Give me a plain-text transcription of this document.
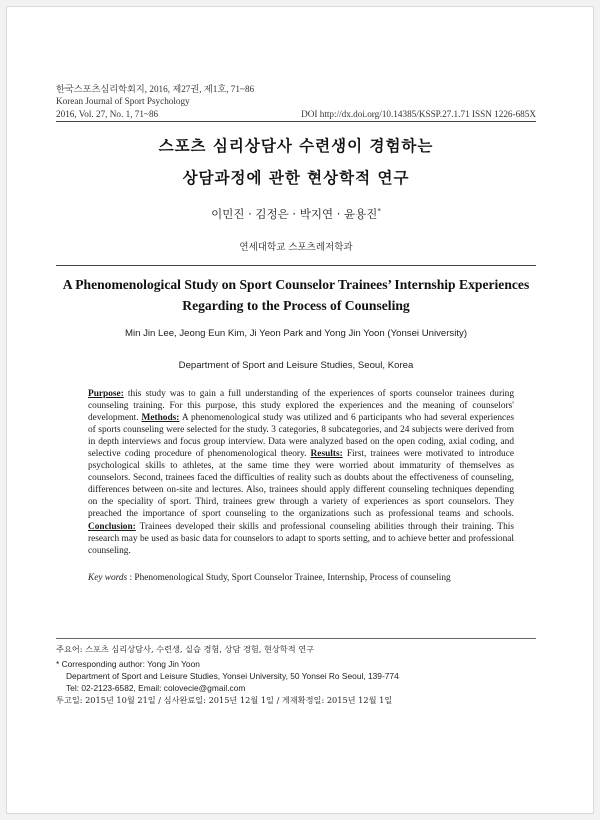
한국스포츠심리학회지, 2016, 제27권, 제1호, 71~86
Korean Journal of Sport Psychology
2016, Vol. 27, No. 1, 71~86	DOI http://dx.doi.org/10.14385/KSSP.27.1.71 ISSN 1226-685X
스포츠 심리상담사 수련생이 경험하는
상담과정에 관한 현상학적 연구
이민진 · 김정은 · 박지연 · 윤용진*
연세대학교 스포츠레저학과
A Phenomenological Study on Sport Counselor Trainees’ Internship Experiences
Regarding to the Process of Counseling
Min Jin Lee, Jeong Eun Kim, Ji Yeon Park and Yong Jin Yoon (Yonsei University)
Department of Sport and Leisure Studies, Seoul, Korea
Purpose: this study was to gain a full understanding of the experiences of sports counselor trainees during counseling training. For this purpose, this study explored the experiences and the meaning of counselors' development. Methods: A phenomenological study was utilized and 6 participants who had several experiences of sports counseling were selected for the study. 3 categories, 8 subcategories, and 24 subjects were derived from in depth interviews and focus group interview. Data were analyzed based on the open coding, axial coding, and selective coding procedure of phenomenological theory. Results: First, trainees were motivated to introduce psychological skills to athletes, at the same time they were worried about immaturity of themselves as counselors. Second, trainees faced the difficulties of reality such as doubts about the effectiveness of counseling, differences between on-site and lectures. Also, trainees should apply different counseling techniques depending on the speciality of sport. Third, trainees grew through a variety of experiences as sport counselors. They preached the importance of sport counseling to the organizations such as professional teams and schools. Conclusion: Trainees developed their skills and professional counseling abilities through their training. This research may be used as basic data for counselors to adapt to sports setting, and to achieve better and professional counseling.
Key words : Phenomenological Study, Sport Counselor Trainee, Internship, Process of counseling
주요어: 스포츠 심리상담사, 수련생, 실습 경험, 상담 경험, 현상학적 연구
* Corresponding author: Yong Jin Yoon
Department of Sport and Leisure Studies, Yonsei University, 50 Yonsei Ro Seoul, 139-774
Tel: 02-2123-6582, Email: colovecie@gmail.com
투고일: 2015년 10월 21일 / 심사완료일: 2015년 12월 1일 / 게재확정일: 2015년 12월 1일
